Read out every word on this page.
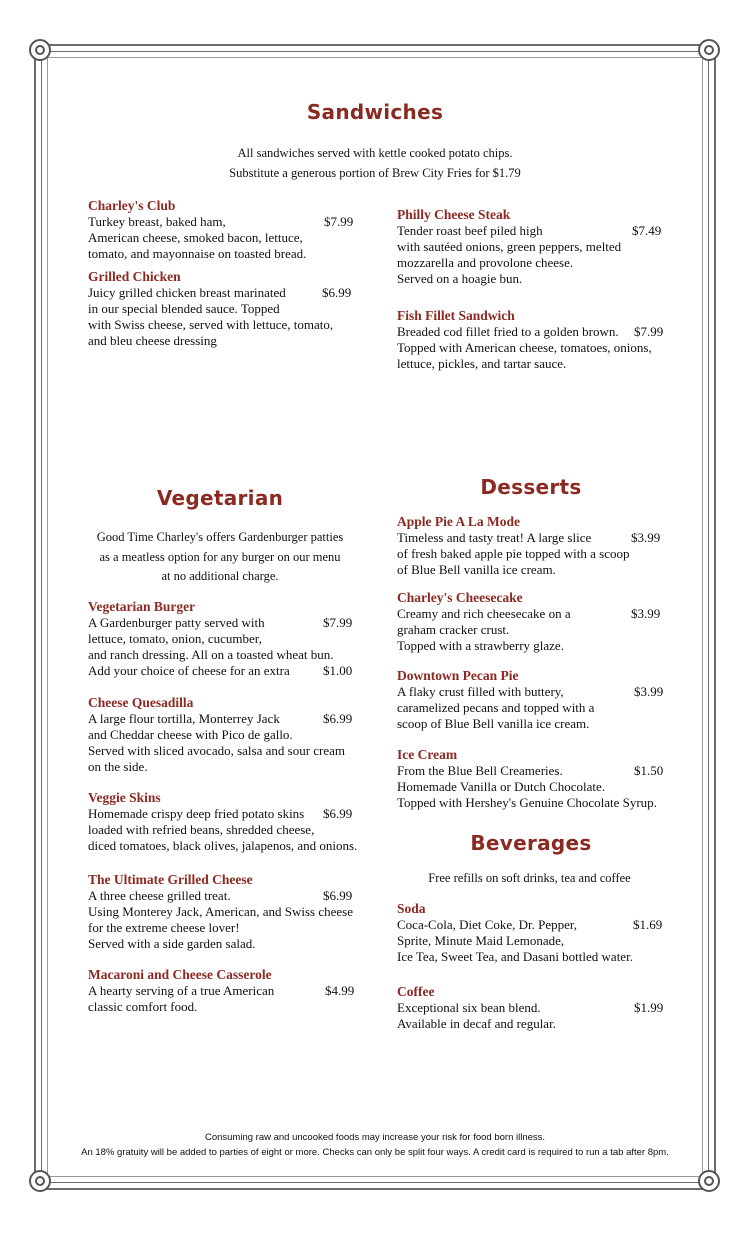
Sandwiches
All sandwiches served with kettle cooked potato chips.
Substitute a generous portion of Brew City Fries for $1.79
Charley's Club
Turkey breast, baked ham,
American cheese, smoked bacon, lettuce,
tomato, and mayonnaise on toasted bread.
$7.99
Grilled Chicken
Juicy grilled chicken breast marinated
in our special blended sauce. Topped
with Swiss cheese, served with lettuce, tomato,
and bleu cheese dressing
$6.99
Philly Cheese Steak
Tender roast beef piled high
with sautéed onions, green peppers, melted
mozzarella and provolone cheese.
Served on a hoagie bun.
$7.49
Fish Fillet Sandwich
Breaded cod fillet fried to a golden brown.
Topped with American cheese, tomatoes, onions,
lettuce, pickles, and tartar sauce.
$7.99
Vegetarian
Good Time Charley's offers Gardenburger patties
as a meatless option for any burger on our menu
at no additional charge.
Vegetarian Burger
A Gardenburger patty served with
lettuce, tomato, onion, cucumber,
and ranch dressing. All on a toasted wheat bun.
Add your choice of cheese for an extra
$7.99
$1.00
Cheese Quesadilla
A large flour tortilla, Monterrey Jack
and Cheddar cheese with Pico de gallo.
Served with sliced avocado, salsa and sour cream
on the side.
$6.99
Veggie Skins
Homemade crispy deep fried potato skins
loaded with refried beans, shredded cheese,
diced tomatoes, black olives, jalapenos, and onions.
$6.99
The Ultimate Grilled Cheese
A three cheese grilled treat.
Using Monterey Jack, American, and Swiss cheese
for the extreme cheese lover!
Served with a side garden salad.
$6.99
Macaroni and Cheese Casserole
A hearty serving of a true American
classic comfort food.
$4.99
Desserts
Apple Pie A La Mode
Timeless and tasty treat! A large slice
of fresh baked apple pie topped with a scoop
of Blue Bell vanilla ice cream.
$3.99
Charley's Cheesecake
Creamy and rich cheesecake on a
graham cracker crust.
Topped with a strawberry glaze.
$3.99
Downtown Pecan Pie
A flaky crust filled with buttery,
caramelized pecans and topped with a
scoop of Blue Bell vanilla ice cream.
$3.99
Ice Cream
From the Blue Bell Creameries.
Homemade Vanilla or Dutch Chocolate.
Topped with Hershey's Genuine Chocolate Syrup.
$1.50
Beverages
Free refills on soft drinks, tea and coffee
Soda
Coca-Cola, Diet Coke, Dr. Pepper,
Sprite, Minute Maid Lemonade,
Ice Tea, Sweet Tea, and Dasani bottled water.
$1.69
Coffee
Exceptional six bean blend.
Available in decaf and regular.
$1.99
Consuming raw and uncooked foods may increase your risk for food born illness.
An 18% gratuity will be added to parties of eight or more. Checks can only be split four ways. A credit card is required to run a tab after 8pm.
